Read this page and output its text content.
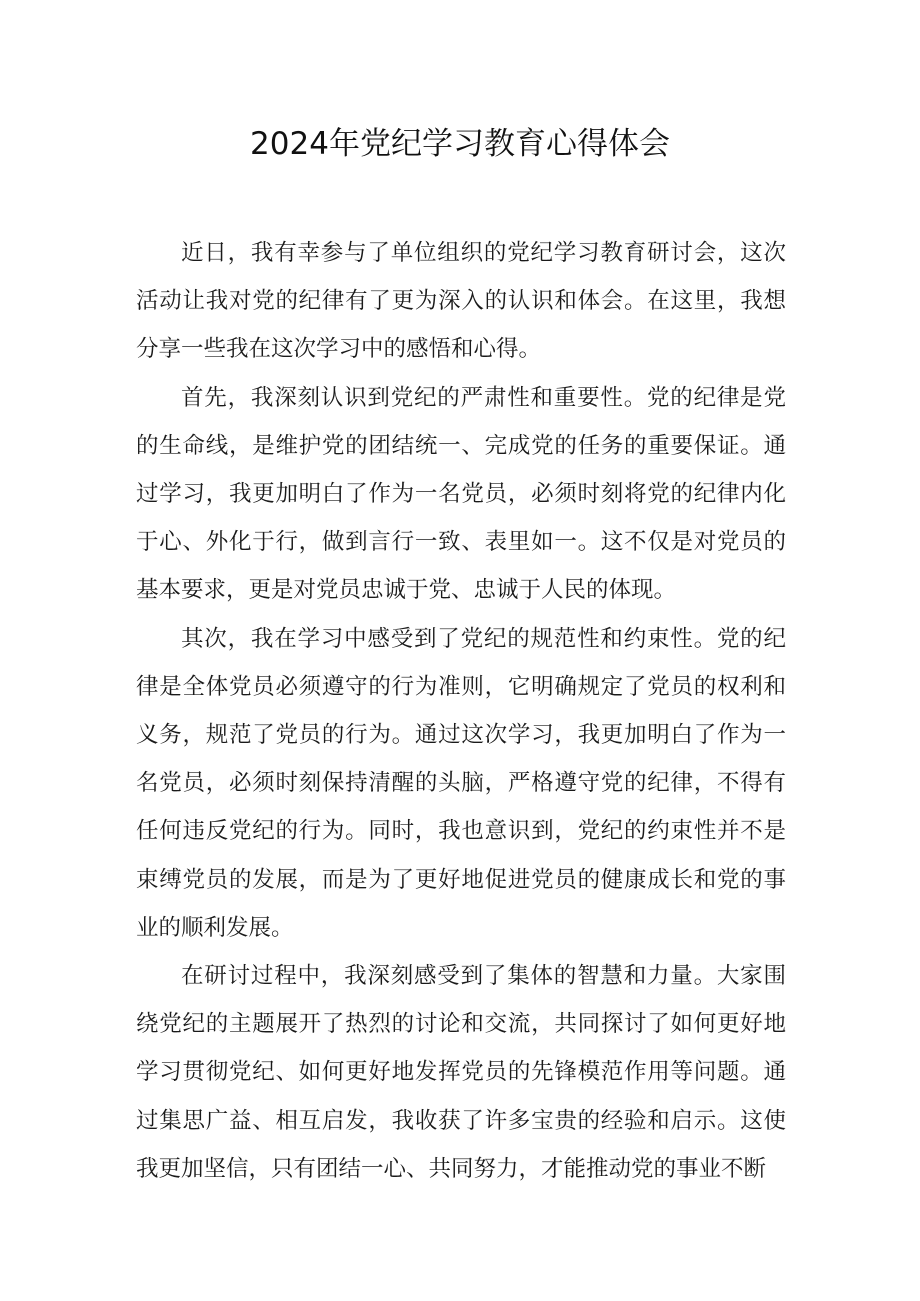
2024年党纪学习教育心得体会

近日，我有幸参与了单位组织的党纪学习教育研讨会，这次活动让我对党的纪律有了更为深入的认识和体会。在这里，我想分享一些我在这次学习中的感悟和心得。

首先，我深刻认识到党纪的严肃性和重要性。党的纪律是党的生命线，是维护党的团结统一、完成党的任务的重要保证。通过学习，我更加明白了作为一名党员，必须时刻将党的纪律内化于心、外化于行，做到言行一致、表里如一。这不仅是对党员的基本要求，更是对党员忠诚于党、忠诚于人民的体现。

其次，我在学习中感受到了党纪的规范性和约束性。党的纪律是全体党员必须遵守的行为准则，它明确规定了党员的权利和义务，规范了党员的行为。通过这次学习，我更加明白了作为一名党员，必须时刻保持清醒的头脑，严格遵守党的纪律，不得有任何违反党纪的行为。同时，我也意识到，党纪的约束性并不是束缚党员的发展，而是为了更好地促进党员的健康成长和党的事业的顺利发展。

在研讨过程中，我深刻感受到了集体的智慧和力量。大家围绕党纪的主题展开了热烈的讨论和交流，共同探讨了如何更好地学习贯彻党纪、如何更好地发挥党员的先锋模范作用等问题。通过集思广益、相互启发，我收获了许多宝贵的经验和启示。这使我更加坚信，只有团结一心、共同努力，才能推动党的事业不断
